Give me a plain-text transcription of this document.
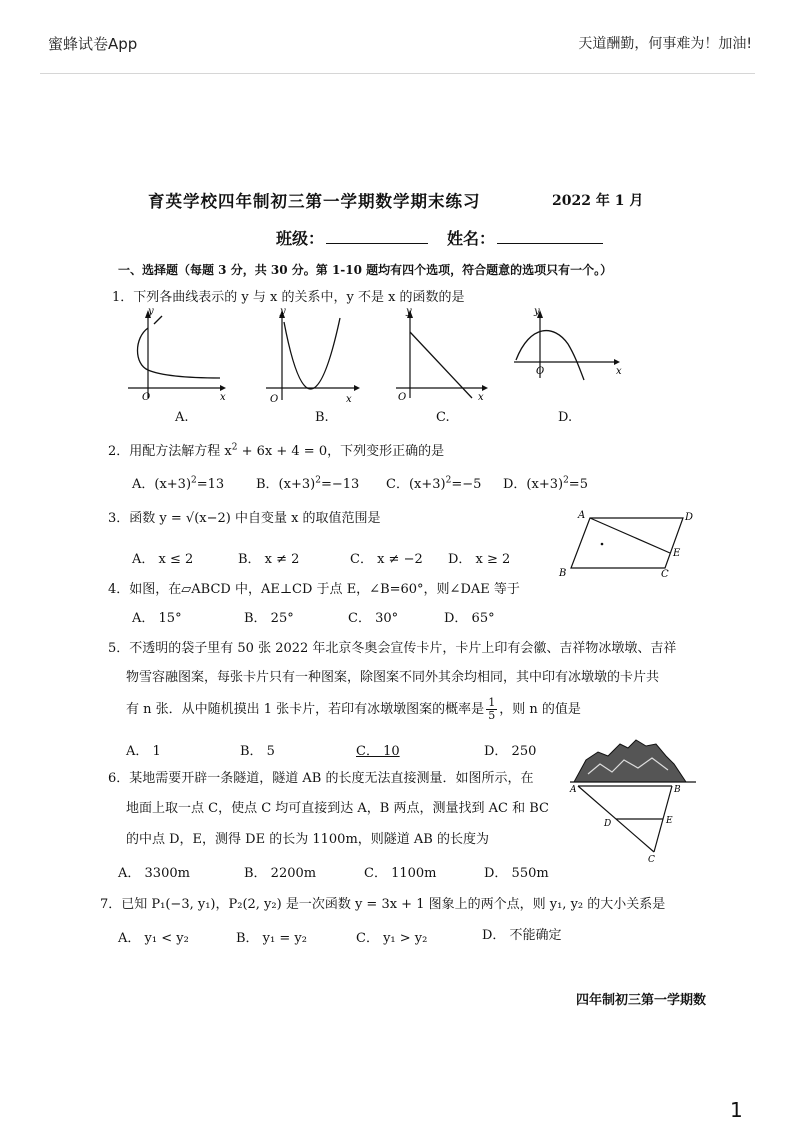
蜜蜂试卷App	天道酬勤，何事难为！加油!
育英学校四年制初三第一学期数学期末练习	2022 年 1 月
班级：	姓名：
一、选择题（每题 3 分，共 30 分。第 1-10 题均有四个选项，符合题意的选项只有一个。）
1．下列各曲线表示的 y 与 x 的关系中，y 不是 x 的函数的是
y
x
O
A.
y
x
O
B.
y
x
O
C.
y
x
O
D.
2．用配方法解方程 $x^2 + 6x + 4 = 0$，下列变形正确的是
A．$(x+3)^2=13$ B．$(x+3)^2=-13$ C．$(x+3)^2=-5$ D．$(x+3)^2=5$
3．函数 y = √(x−2) 中自变量 x 的取值范围是
A． x ≤ 2	B． x ≠ 2	C． x ≠ −2 D． x ≥ 2
A	D
E
B	C
4．如图，在▱ABCD 中，AE⊥CD 于点 E，∠B=60°，则∠DAE 等于
A． 15°	B． 25°	C． 30°	D． 65°
5．不透明的袋子里有 50 张 2022 年北京冬奥会宣传卡片，卡片上印有会徽、吉祥物冰墩墩、吉祥
物雪容融图案，每张卡片只有一种图案，除图案不同外其余均相同，其中印有冰墩墩的卡片共
有 n 张．从中随机摸出 1 张卡片，若印有冰墩墩图案的概率是 $\frac{1}{5}$ ，则 n 的值是
A． 1	B． 5	C． 10	D． 250
A	B
D	E
C
6．某地需要开辟一条隧道，隧道 AB 的长度无法直接测量．如图所示，在
地面上取一点 C，使点 C 均可直接到达 A，B 两点，测量找到 AC 和 BC
的中点 D，E，测得 DE 的长为 1100m，则隧道 AB 的长度为
A． 3300m	B． 2200m	C． 1100m	D． 550m
7．已知 P₁(−3, y₁)，P₂(2, y₂) 是一次函数 y = 3x + 1 图象上的两个点，则 y₁, y₂ 的大小关系是
A． y₁ < y₂	B． y₁ = y₂	C． y₁ > y₂	D． 不能确定
四年制初三第一学期数
1
